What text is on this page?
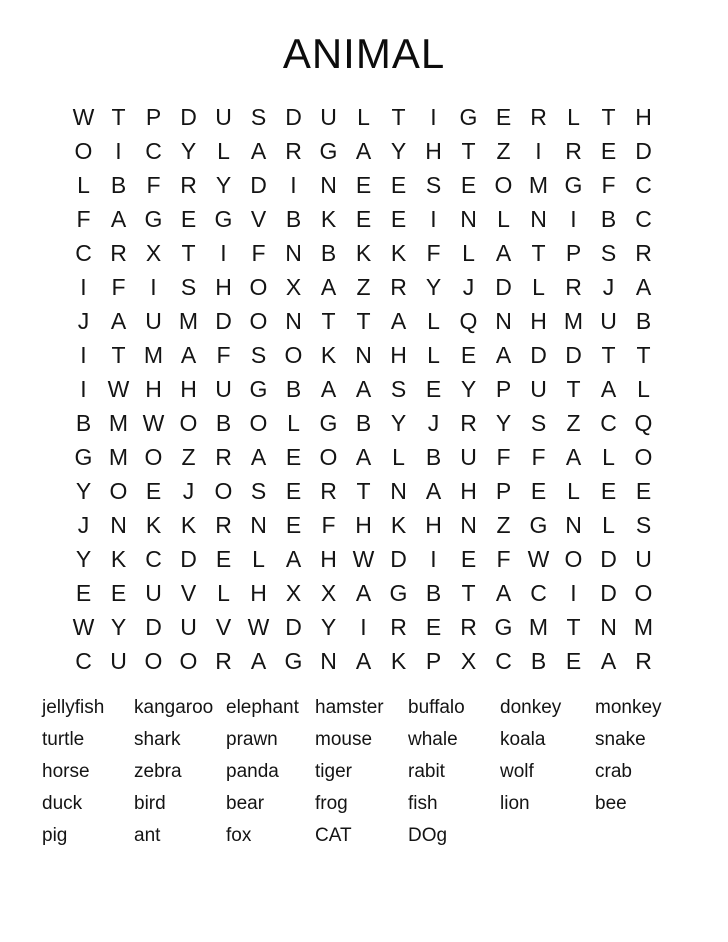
ANIMAL
W T P D U S D U L T	I G E R L T H
O I	C Y L A R G A Y H T Z	I	R E D
L B F R Y D	I	N E E S E O M G F C
F A G E G V B K E E	I	N L N	I	B C
C R X T	I	F N B K K F L A T P S R
I	F	I	S H O X A Z R Y J D L R J A
J A U M D O N T T A L Q N H M U B
I	T M A F S O K N H L E A D D T T
I W H H U G B A A S E Y P U T A L
B M W O B O L G B Y J R Y S Z C Q
G M O Z R A E O A L B U F F A L O
Y O E J O S E R T N A H P E L E E
J N K K R N E F H K H N Z G N L S
Y K C D E L A H W D	I	E F W O D U
E E U V L H X X A G B T A C	I	D O
W Y D U V W D Y	I	R E R G M T N M
C U O O R A G N A K P X C B E A R
jellyfish	kangaroo elephant hamster	buffalo	donkey	monkey
turtle	shark	prawn	mouse	whale	koala	snake
horse	zebra	panda	tiger	rabit	wolf	crab
duck	bird	bear	frog	fish	lion	bee
pig	ant	fox	CAT	DOg
